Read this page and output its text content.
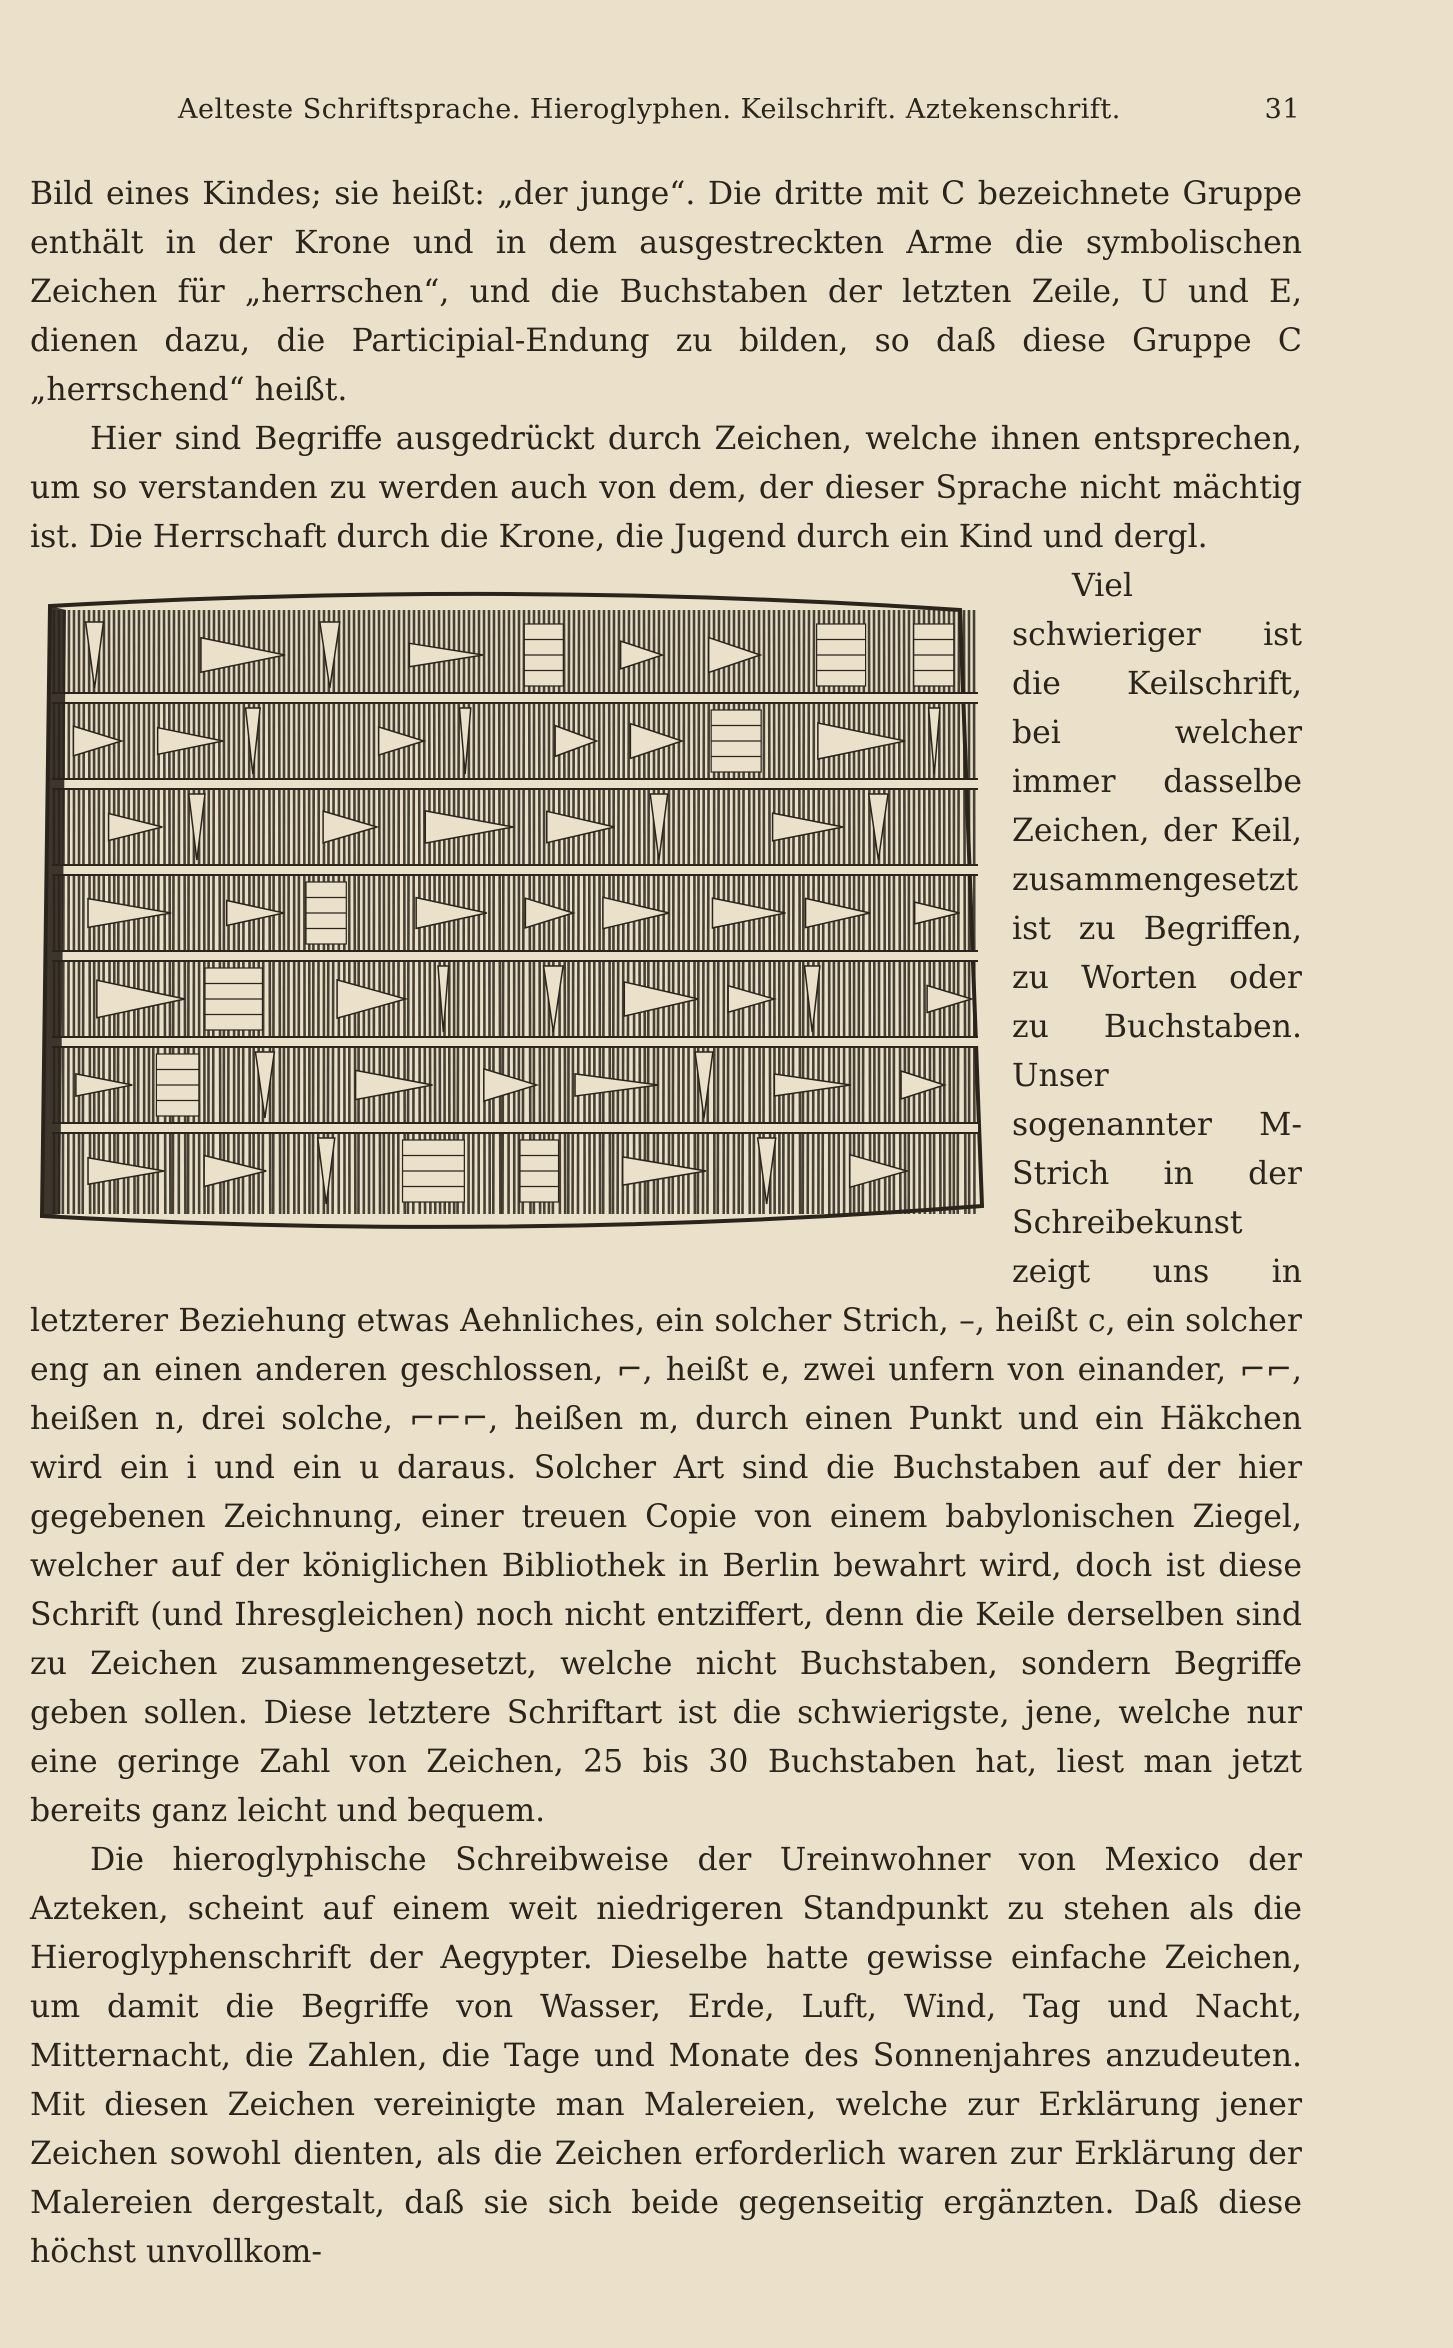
Aelteste Schriftsprache. Hieroglyphen. Keilschrift. Aztekenschrift.	31

Bild eines Kindes; sie heißt: „der junge“. Die dritte mit C bezeichnete Gruppe enthält in der Krone und in dem ausgestreckten Arme die symbolischen Zeichen für „herrschen“, und die Buchstaben der letzten Zeile, U und E, dienen dazu, die Participial-Endung zu bilden, so daß diese Gruppe C „herrschend“ heißt.

Hier sind Begriffe ausgedrückt durch Zeichen, welche ihnen entsprechen, um so verstanden zu werden auch von dem, der dieser Sprache nicht mächtig ist. Die Herrschaft durch die Krone, die Jugend durch ein Kind und dergl.

Viel schwieriger ist die Keilschrift, bei welcher immer dasselbe Zeichen, der Keil, zusammengesetzt ist zu Begriffen, zu Worten oder zu Buchstaben. Unser sogenannter M-Strich in der Schreibekunst zeigt uns in letzterer Beziehung etwas Aehnliches, ein solcher Strich, –, heißt c, ein solcher eng an einen anderen geschlossen, ⌐, heißt e, zwei unfern von einander, ⌐⌐, heißen n, drei solche, ⌐⌐⌐, heißen m, durch einen Punkt und ein Häkchen wird ein i und ein u daraus. Solcher Art sind die Buchstaben auf der hier gegebenen Zeichnung, einer treuen Copie von einem babylonischen Ziegel, welcher auf der königlichen Bibliothek in Berlin bewahrt wird, doch ist diese Schrift (und Ihresgleichen) noch nicht entziffert, denn die Keile derselben sind zu Zeichen zusammengesetzt, welche nicht Buchstaben, sondern Begriffe geben sollen. Diese letztere Schriftart ist die schwierigste, jene, welche nur eine geringe Zahl von Zeichen, 25 bis 30 Buchstaben hat, liest man jetzt bereits ganz leicht und bequem.

Die hieroglyphische Schreibweise der Ureinwohner von Mexico der Azteken, scheint auf einem weit niedrigeren Standpunkt zu stehen als die Hieroglyphenschrift der Aegypter. Dieselbe hatte gewisse einfache Zeichen, um damit die Begriffe von Wasser, Erde, Luft, Wind, Tag und Nacht, Mitternacht, die Zahlen, die Tage und Monate des Sonnenjahres anzudeuten. Mit diesen Zeichen vereinigte man Malereien, welche zur Erklärung jener Zeichen sowohl dienten, als die Zeichen erforderlich waren zur Erklärung der Malereien dergestalt, daß sie sich beide gegenseitig ergänzten. Daß diese höchst unvollkom-
